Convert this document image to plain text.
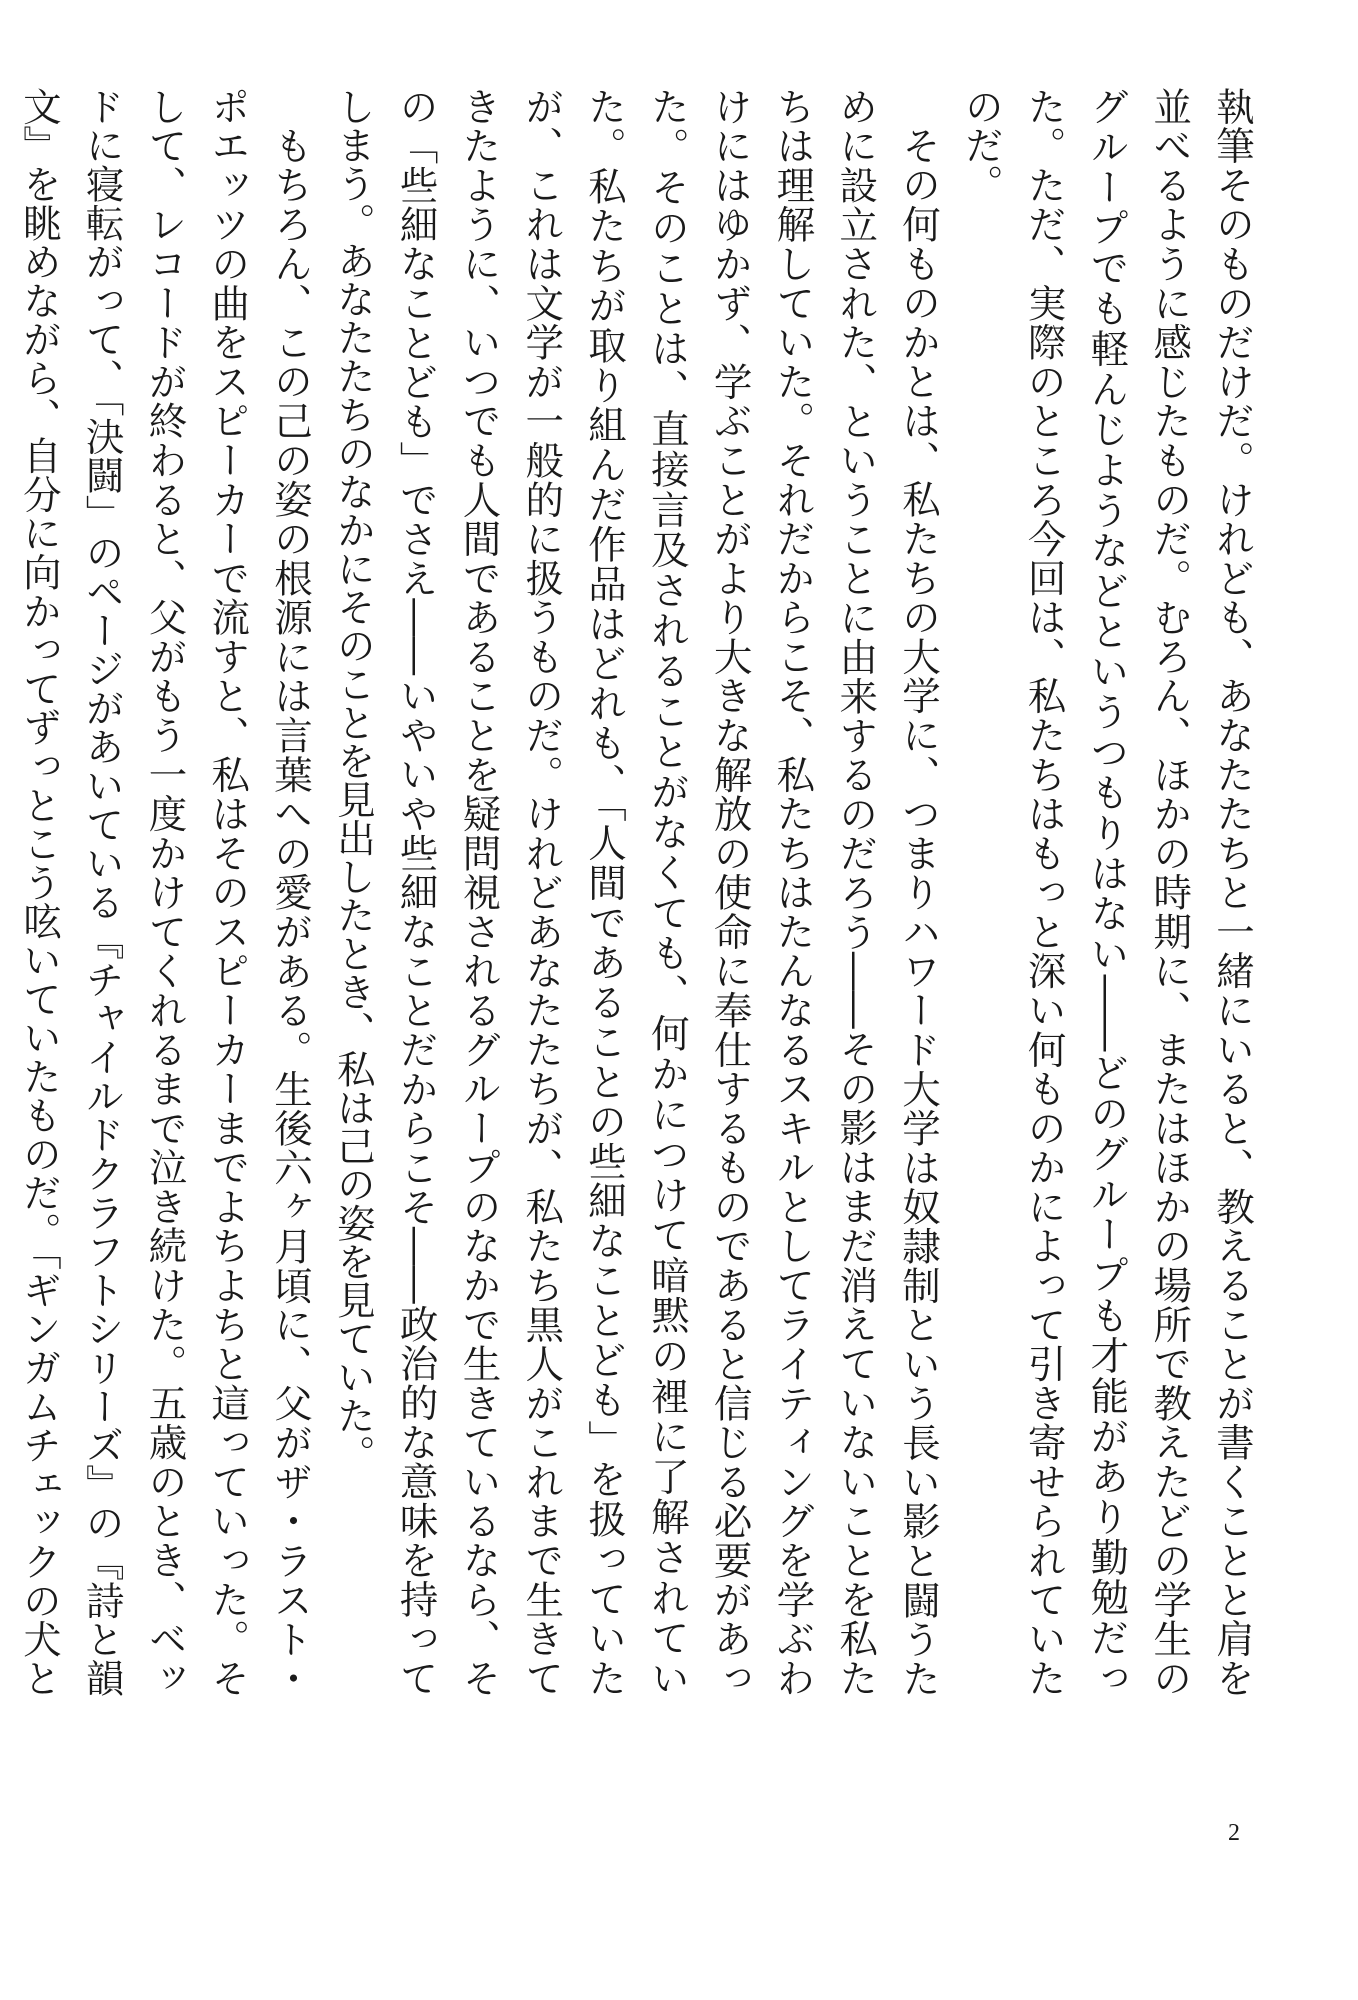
執筆そのものだけだ。けれども、あなたたちと一緒にいると、教えることが書くことと肩を並べるように感じたものだ。むろん、ほかの時期に、またはほかの場所で教えたどの学生のグループでも軽んじようなどというつもりはない――どのグループも才能があり勤勉だった。ただ、実際のところ今回は、私たちはもっと深い何ものかによって引き寄せられていたのだ。

その何ものかとは、私たちの大学に、つまりハワード大学は奴隷制という長い影と闘うために設立された、ということに由来するのだろう――その影はまだ消えていないことを私たちは理解していた。それだからこそ、私たちはたんなるスキルとしてライティングを学ぶわけにはゆかず、学ぶことがより大きな解放の使命に奉仕するものであると信じる必要があった。そのことは、直接言及されることがなくても、何かにつけて暗黙の裡に了解されていた。私たちが取り組んだ作品はどれも、「人間であることの些細なことども」を扱っていたが、これは文学が一般的に扱うものだ。けれどあなたたちが、私たち黒人がこれまで生きてきたように、いつでも人間であることを疑問視されるグループのなかで生きているなら、その「些細なことども」でさえ――いやいや些細なことだからこそ――政治的な意味を持ってしまう。あなたたちのなかにそのことを見出したとき、私は己の姿を見ていた。

もちろん、この己の姿の根源には言葉への愛がある。生後六ヶ月頃に、父がザ・ラスト・ポエッツの曲をスピーカーで流すと、私はそのスピーカーまでよちよちと這っていった。そして、レコードが終わると、父がもう一度かけてくれるまで泣き続けた。五歳のとき、ベッドに寝転がって、「決闘」のページがあいている『チャイルドクラフトシリーズ』の『詩と韻文』を眺めながら、自分に向かってずっとこう呟いていたものだ。「ギンガムチェックの犬と

2
